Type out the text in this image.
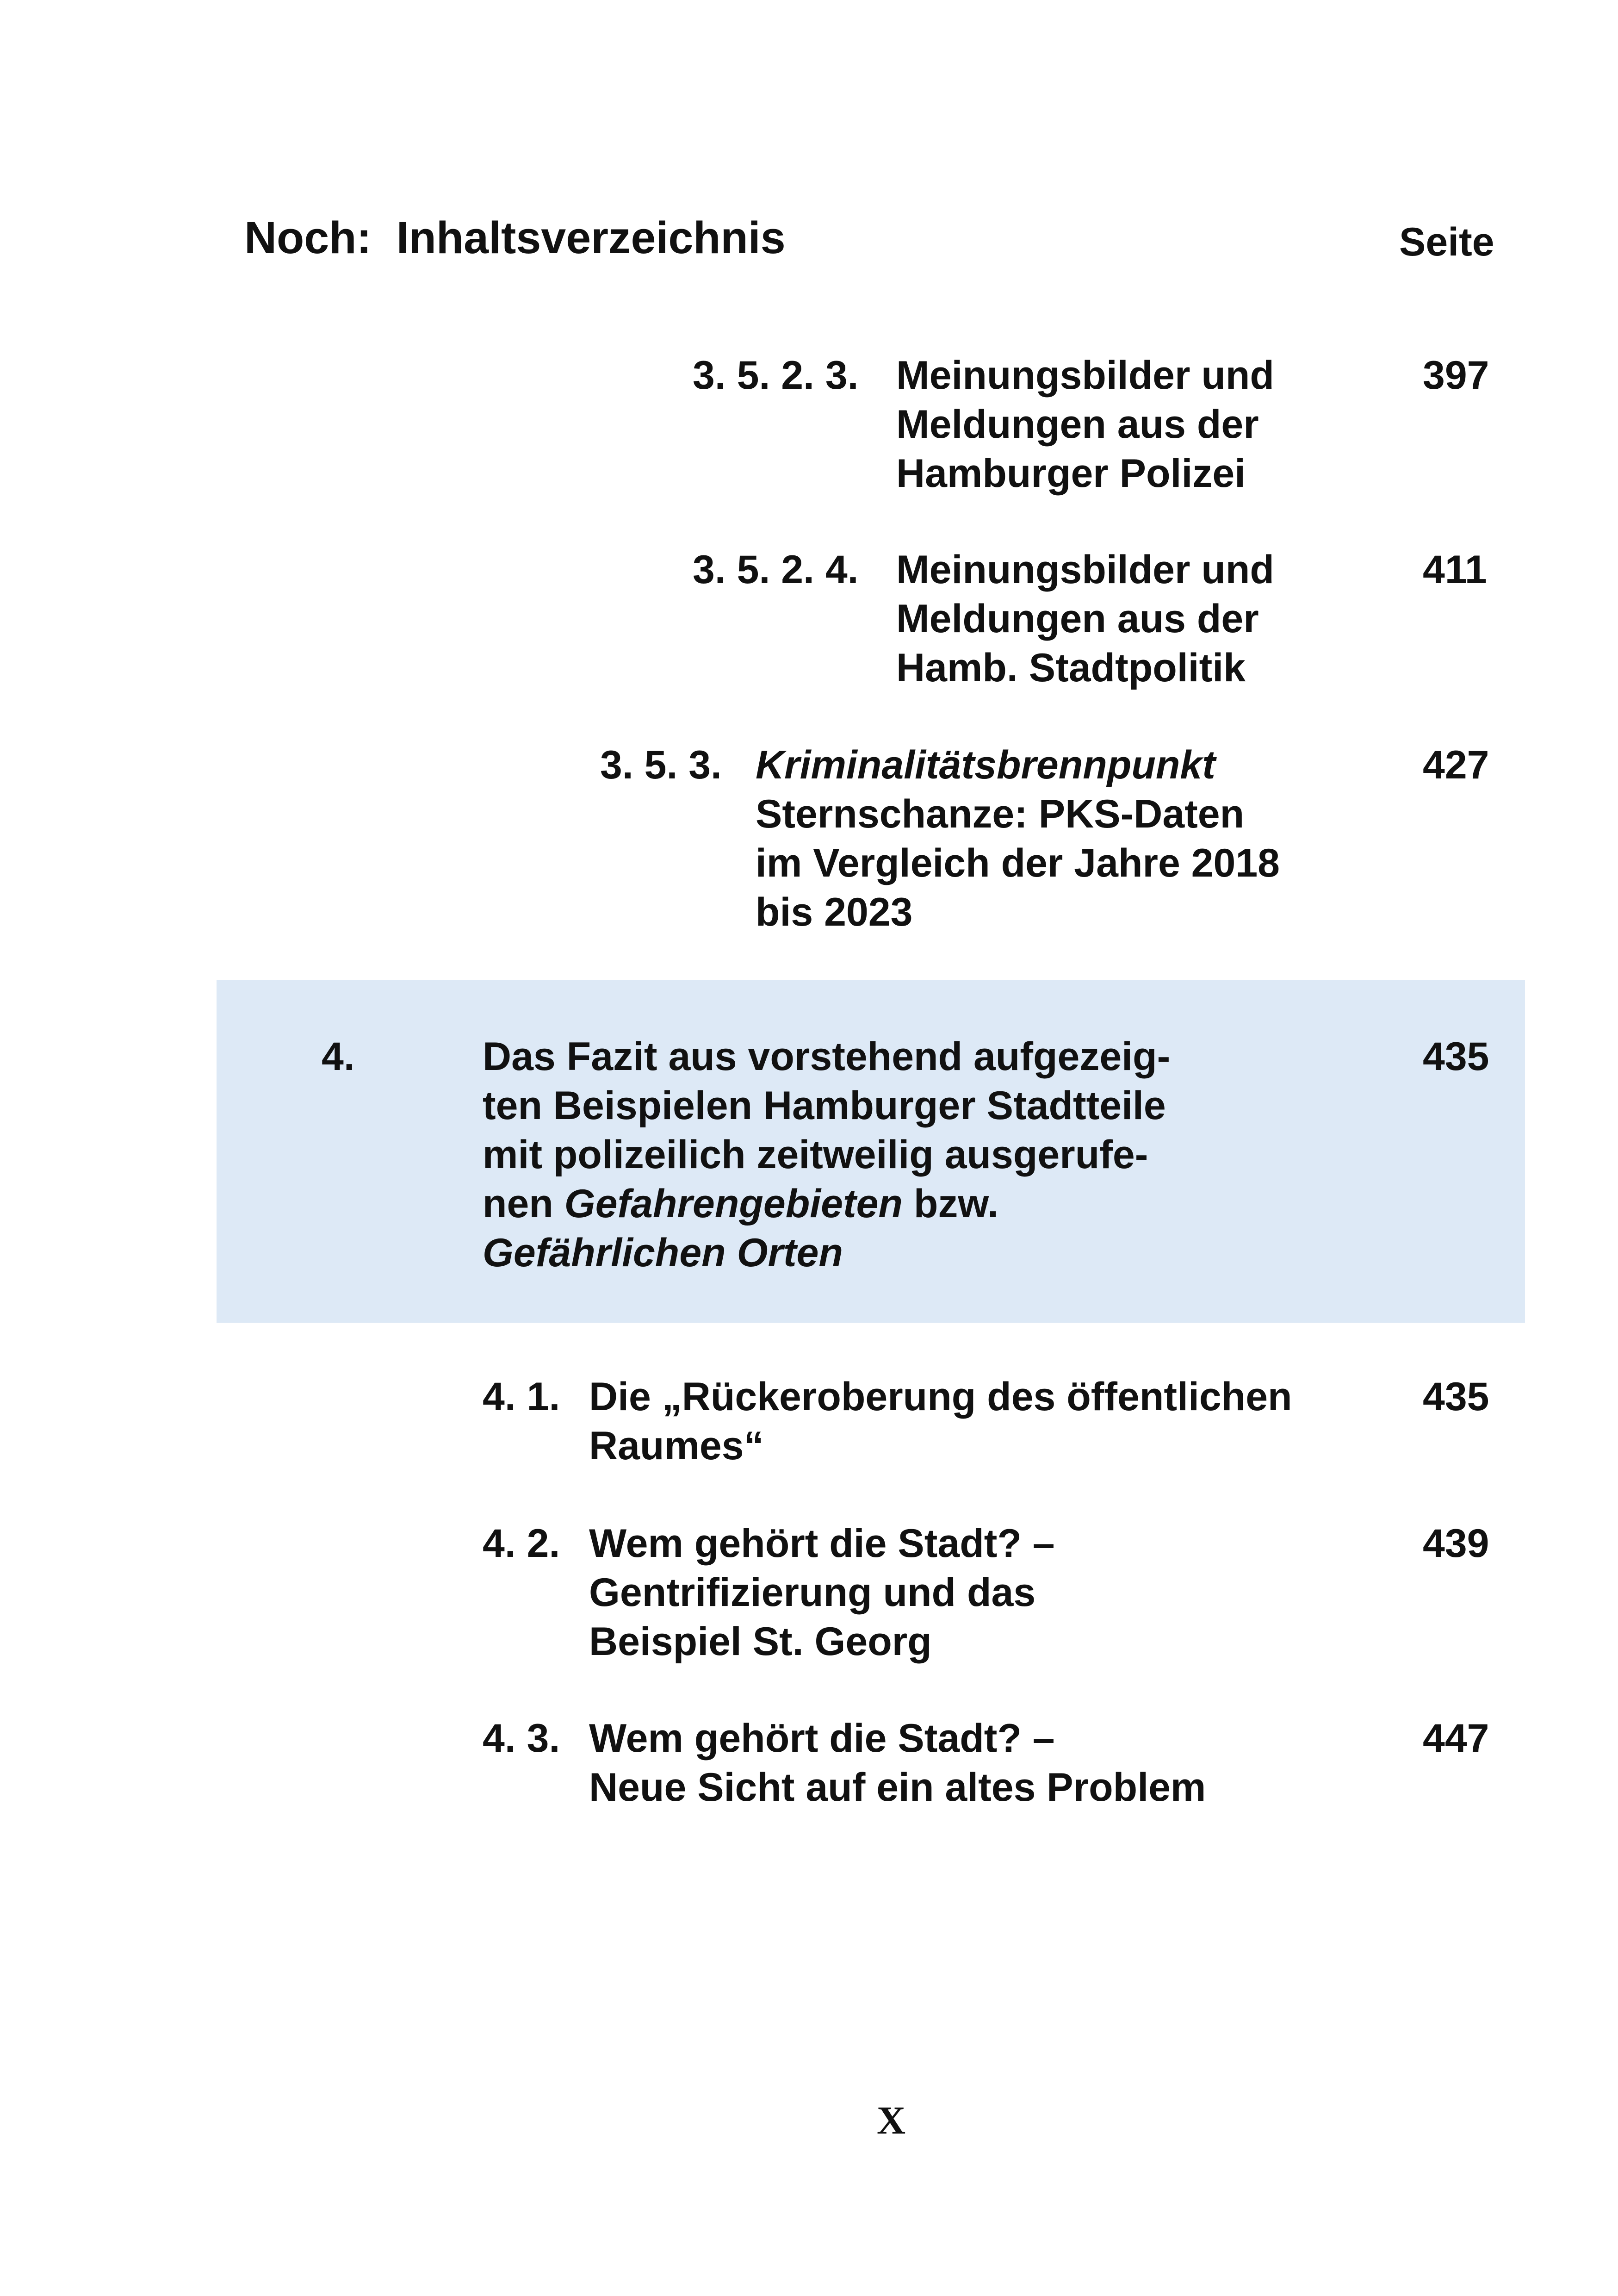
Noch:  Inhaltsverzeichnis	Seite
3. 5. 2. 3. Meinungsbilder und
Meldungen aus der
Hamburger Polizei
397
3. 5. 2. 4. Meinungsbilder und
Meldungen aus der
Hamb. Stadtpolitik
411
3. 5. 3. Kriminalitätsbrennpunkt
Sternschanze: PKS-Daten
im Vergleich der Jahre 2018
bis 2023
427
4.	Das Fazit aus vorstehend aufgezeig-
ten Beispielen Hamburger Stadtteile
mit polizeilich zeitweilig ausgerufe-
nen Gefahrengebieten bzw.
Gefährlichen Orten
435
4. 1. Die „Rückeroberung des öffentlichen
Raumes“
435
4. 2. Wem gehört die Stadt? –
Gentrifizierung und das
Beispiel St. Georg
439
4. 3. Wem gehört die Stadt? –
Neue Sicht auf ein altes Problem
447
X
